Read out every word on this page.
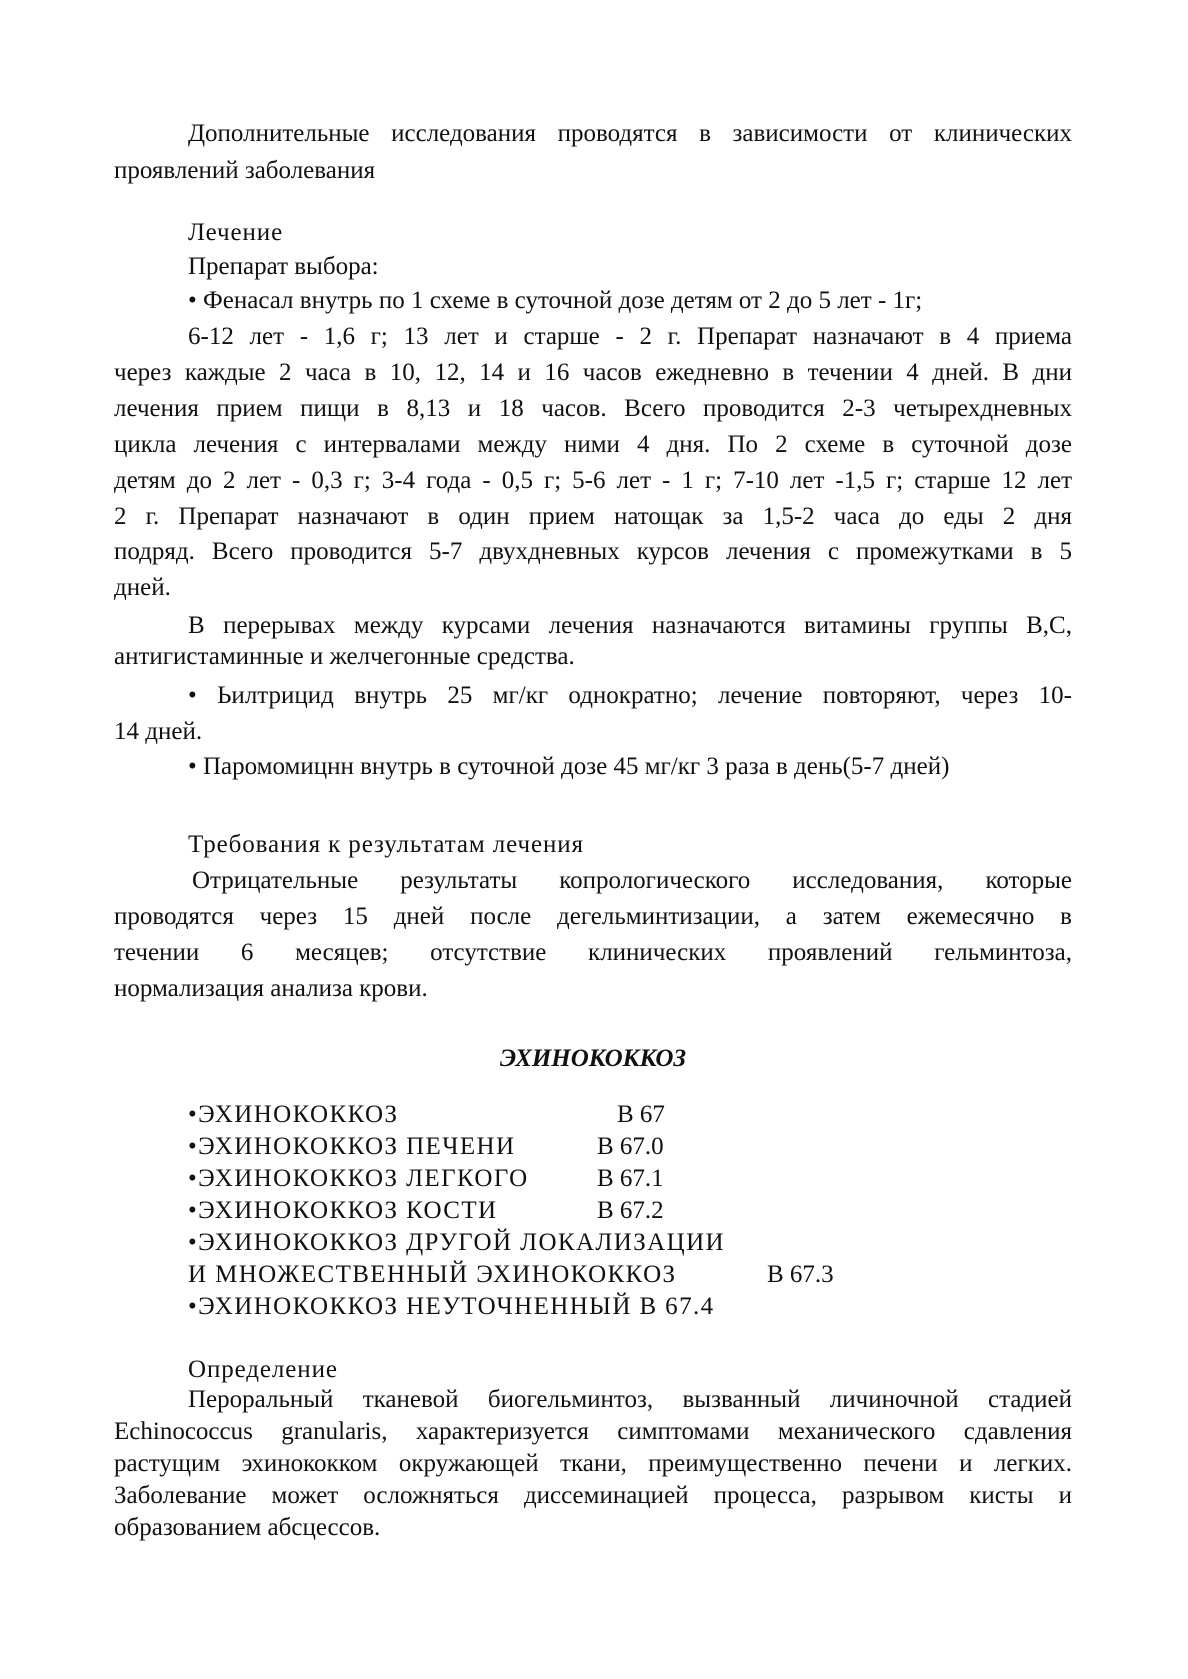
Дополнительные исследования проводятся в зависимости от клинических
проявлений заболевания
Лечение
Препарат выбора:
• Фенасал внутрь по 1 схеме в суточной дозе детям от 2 до 5 лет - 1г;
6-12 лет - 1,6 г; 13 лет и старше - 2 г. Препарат назначают в 4 приема
через каждые 2 часа в 10, 12, 14 и 16 часов ежедневно в течении 4 дней. В дни
лечения прием пищи в 8,13 и 18 часов. Всего проводится 2-3 четырехдневных
цикла лечения с интервалами между ними 4 дня. По 2 схеме в суточной дозе
детям до 2 лет - 0,3 г; 3-4 года - 0,5 г; 5-6 лет - 1 г; 7-10 лет -1,5 г; старше 12 лет
2 г. Препарат назначают в один прием натощак за 1,5-2 часа до еды 2 дня
подряд. Всего проводится 5-7 двухдневных курсов лечения с промежутками в 5
дней.
В перерывах между курсами лечения назначаются витамины группы В,С,
антигистаминные и желчегонные средства.
• Ьилтрицид внутрь 25 мг/кг однократно; лечение повторяют, через 10-
14 дней.
• Паромомицнн внутрь в суточной дозе 45 мг/кг 3 раза в день(5-7 дней)
Требования к результатам лечения
Отрицательные результаты копрологического исследования, которые
проводятся через 15 дней после дегельминтизации, а затем ежемесячно в
течении 6 месяцев; отсутствие клинических проявлений гельминтоза,
нормализация анализа крови.
ЭХИНОКОККОЗ
•ЭХИНОКОККОЗ	В 67
•ЭХИНОКОККОЗ ПЕЧЕНИ	В 67.0
•ЭХИНОКОККОЗ ЛЕГКОГО	В 67.1
•ЭХИНОКОККОЗ КОСТИ	В 67.2
•ЭХИНОКОККОЗ ДРУГОЙ ЛОКАЛИЗАЦИИ
И МНОЖЕСТВЕННЫЙ ЭХИНОКОККОЗ	В 67.3
•ЭХИНОКОККОЗ НЕУТОЧНЕННЫЙ В 67.4
Определение
Пероральный тканевой биогельминтоз, вызванный личиночной стадией
Echinococcus granularis, характеризуется симптомами механического сдавления
растущим эхинококком окружающей ткани, преимущественно печени и легких.
Заболевание может осложняться диссеминацией процесса, разрывом кисты и
образованием абсцессов.
